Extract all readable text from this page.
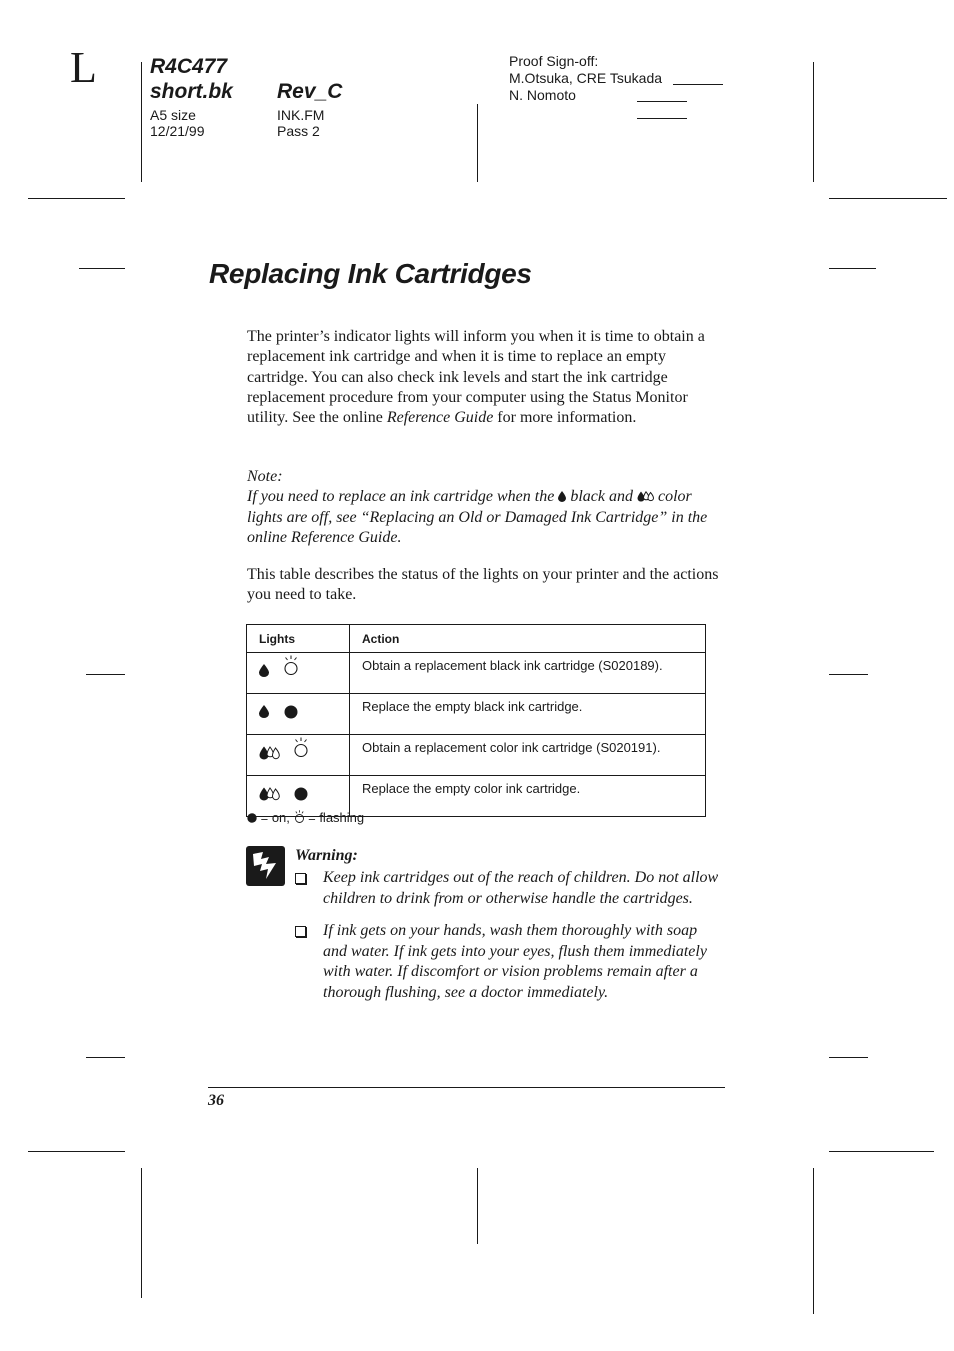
L	R4C477
short.bk Rev_C
A5 size
12/21/99
INK.FM
Pass 2
Proof Sign-off:
M.Otsuka, CRE Tsukada
N. Nomoto
Replacing Ink Cartridges
The printer’s indicator lights will inform you when it is time to obtain a replacement ink cartridge and when it is time to replace an empty cartridge. You can also check ink levels and start the ink cartridge replacement procedure from your computer using the Status Monitor utility. See the online Reference Guide for more information.
Note:
If you need to replace an ink cartridge when the
black and
color lights are off, see “Replacing an Old or Damaged Ink Cartridge” in the online Reference Guide.
This table describes the status of the lights on your printer and the actions you need to take.
Lights	Action

	Obtain a replacement black ink cartridge (S020189).

	Replace the empty black ink cartridge.

	Obtain a replacement color ink cartridge (S020191).

	Replace the empty color ink cartridge.
= on,  = flashing
Warning:
Keep ink cartridges out of the reach of children. Do not allow children to drink from or otherwise handle the cartridges.
If ink gets on your hands, wash them thoroughly with soap and water. If ink gets into your eyes, flush them immediately with water. If discomfort or vision problems remain after a thorough flushing, see a doctor immediately.
36
